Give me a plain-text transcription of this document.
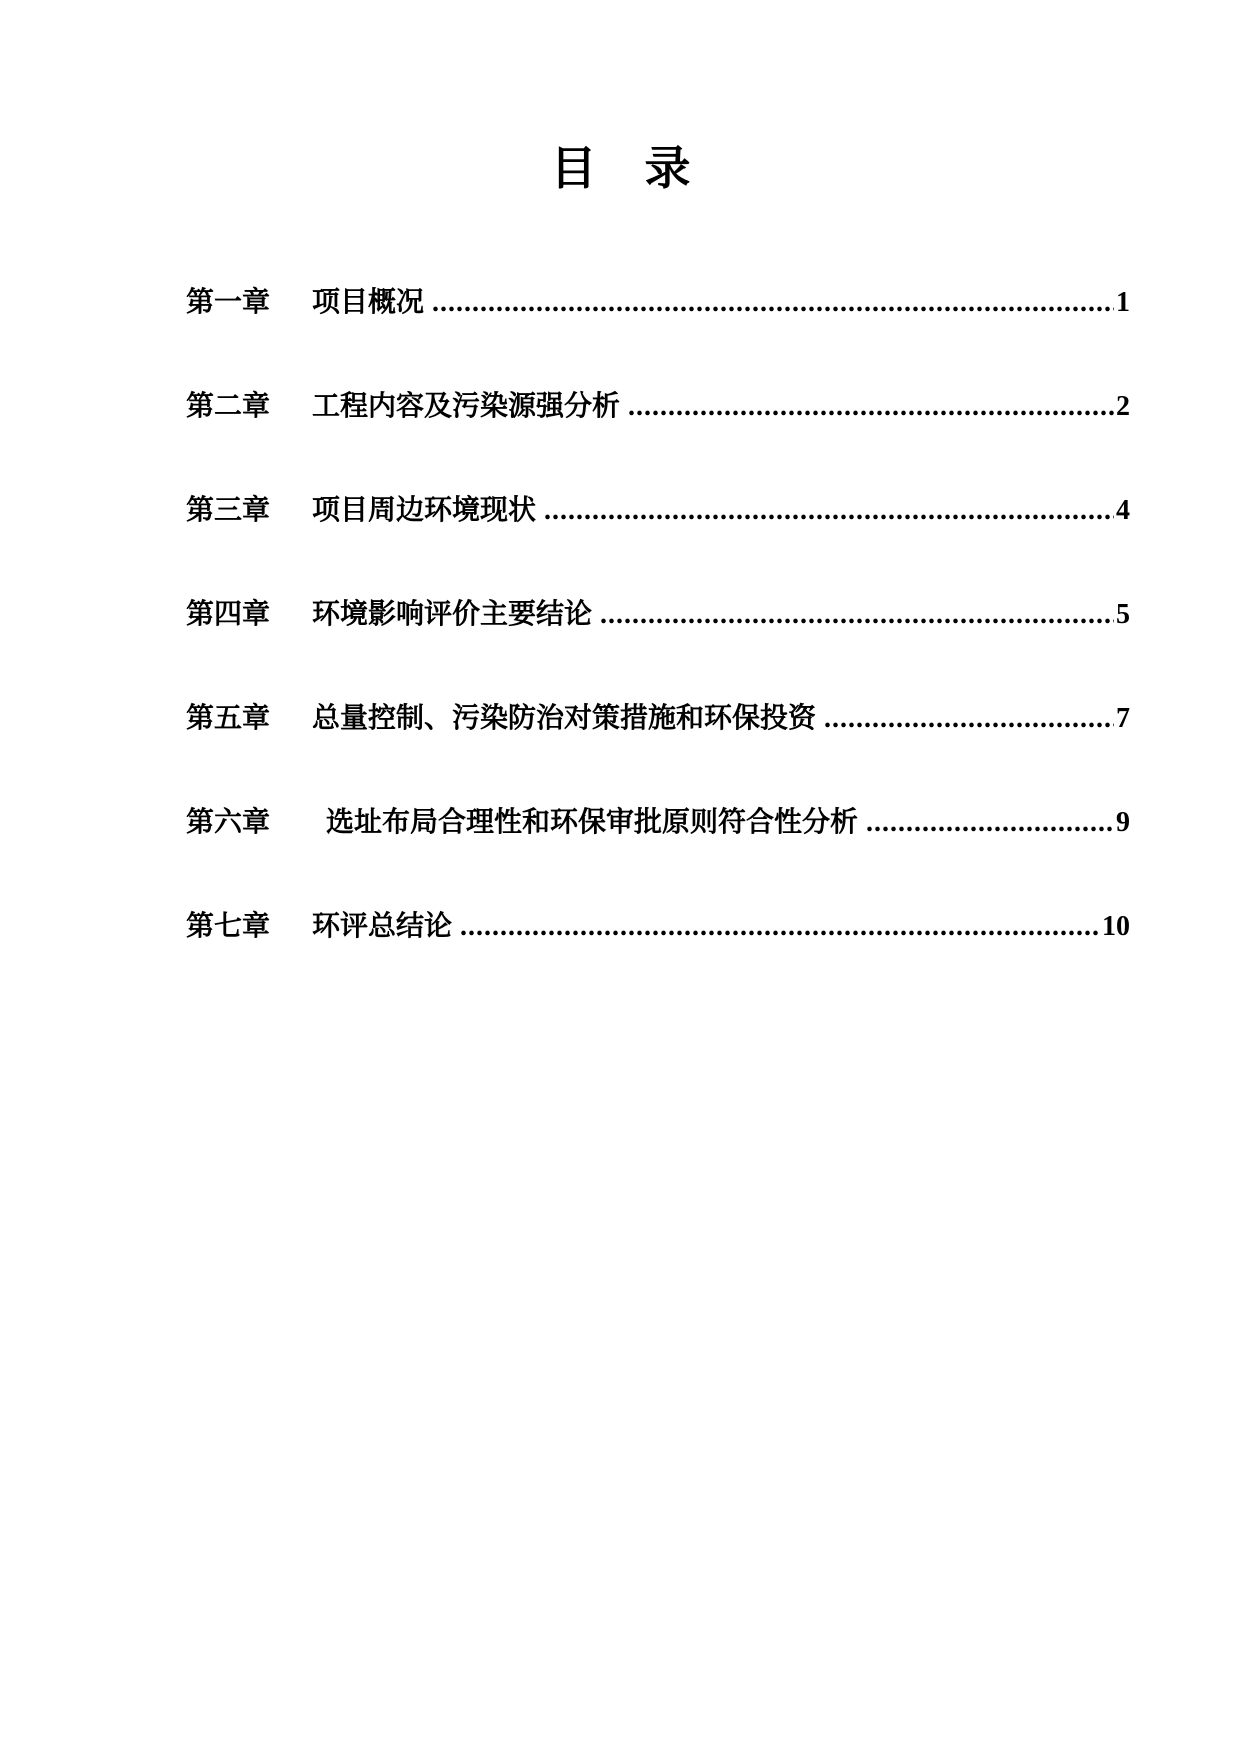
目 录
第一章	项目概况 .....	1
第二章	工程内容及污染源强分析 .....	2
第三章	项目周边环境现状 .....	4
第四章	环境影响评价主要结论 .....	5
第五章	总量控制、污染防治对策措施和环保投资 .....	7
第六章	选址布局合理性和环保审批原则符合性分析 .....	9
第七章	环评总结论 .....	10
